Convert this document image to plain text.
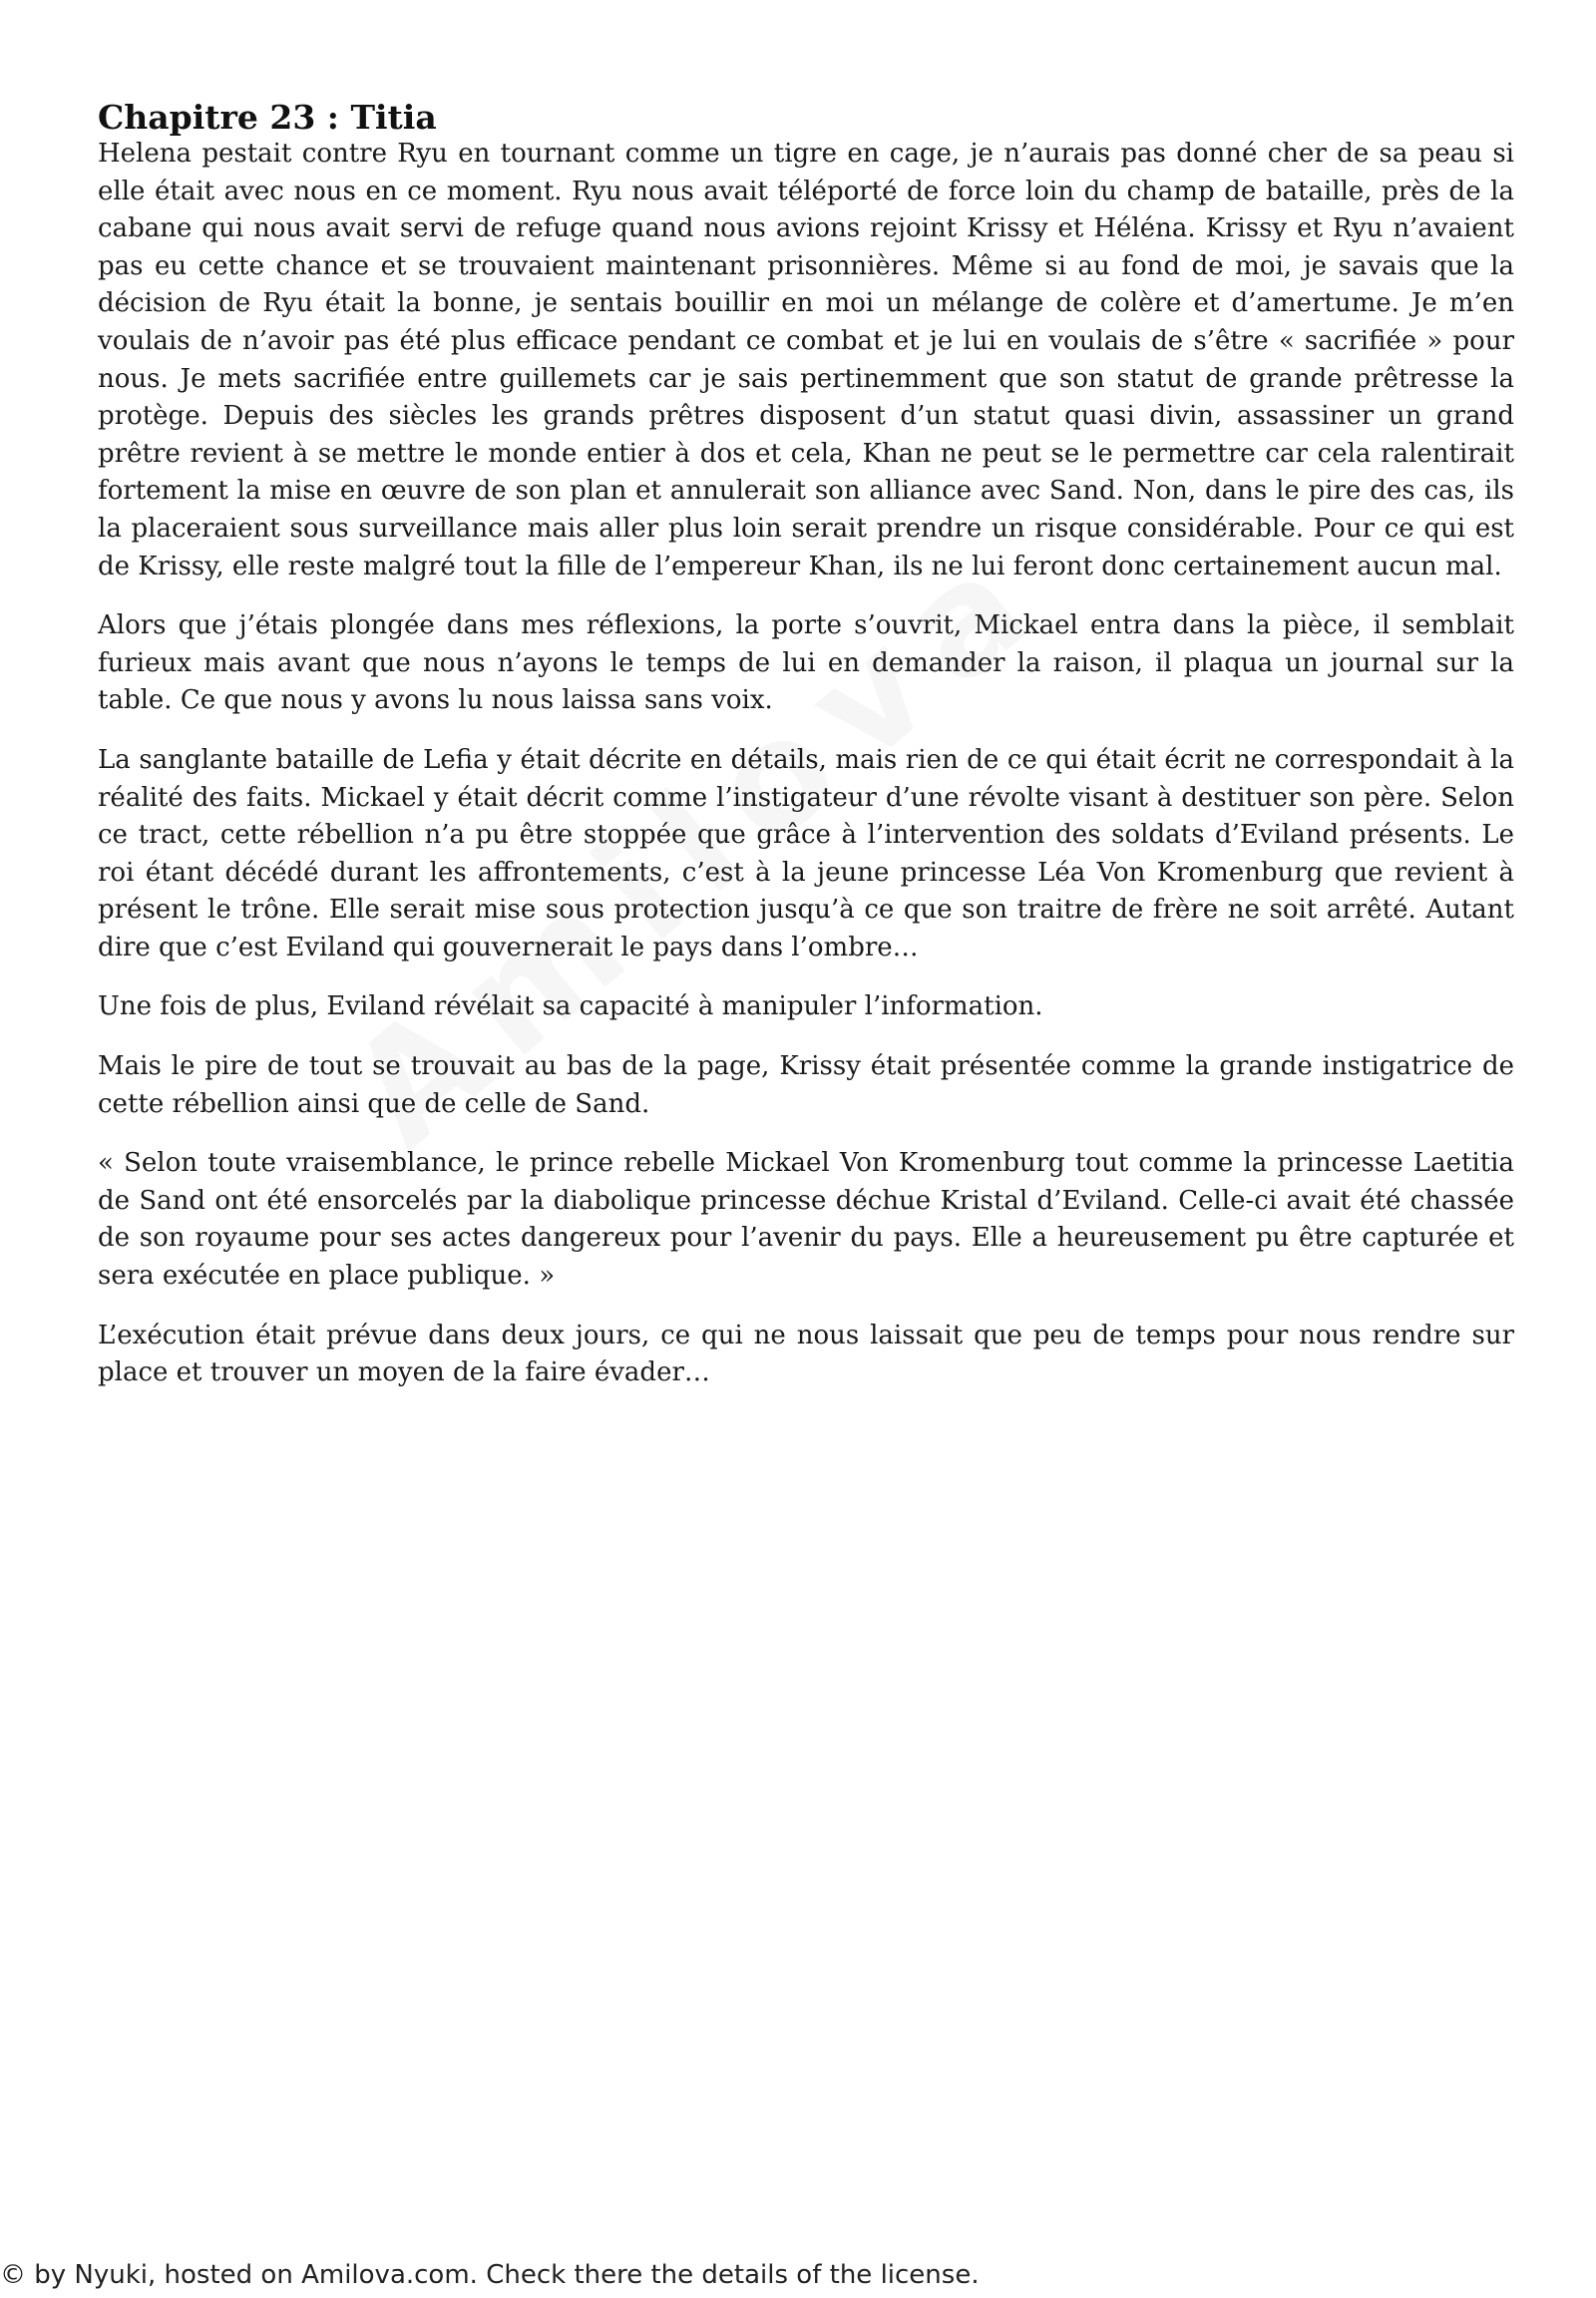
Chapitre 23 : Titia

Helena pestait contre Ryu en tournant comme un tigre en cage, je n’aurais pas donné cher de sa peau si elle était avec nous en ce moment. Ryu nous avait téléporté de force loin du champ de bataille, près de la cabane qui nous avait servi de refuge quand nous avions rejoint Krissy et Héléna. Krissy et Ryu n’avaient pas eu cette chance et se trouvaient maintenant prisonnières. Même si au fond de moi, je savais que la décision de Ryu était la bonne, je sentais bouillir en moi un mélange de colère et d’amertume. Je m’en voulais de n’avoir pas été plus efficace pendant ce combat et je lui en voulais de s’être « sacrifiée » pour nous. Je mets sacrifiée entre guillemets car je sais pertinemment que son statut de grande prêtresse la protège. Depuis des siècles les grands prêtres disposent d’un statut quasi divin, assassiner un grand prêtre revient à se mettre le monde entier à dos et cela, Khan ne peut se le permettre car cela ralentirait fortement la mise en œuvre de son plan et annulerait son alliance avec Sand. Non, dans le pire des cas, ils la placeraient sous surveillance mais aller plus loin serait prendre un risque considérable. Pour ce qui est de Krissy, elle reste malgré tout la fille de l’empereur Khan, ils ne lui feront donc certainement aucun mal.

Alors que j’étais plongée dans mes réflexions, la porte s’ouvrit, Mickael entra dans la pièce, il semblait furieux mais avant que nous n’ayons le temps de lui en demander la raison, il plaqua un journal sur la table. Ce que nous y avons lu nous laissa sans voix.

La sanglante bataille de Lefia y était décrite en détails, mais rien de ce qui était écrit ne correspondait à la réalité des faits. Mickael y était décrit comme l’instigateur d’une révolte visant à destituer son père. Selon ce tract, cette rébellion n’a pu être stoppée que grâce à l’intervention des soldats d’Eviland présents. Le roi étant décédé durant les affrontements, c’est à la jeune princesse Léa Von Kromenburg que revient à présent le trône. Elle serait mise sous protection jusqu’à ce que son traitre de frère ne soit arrêté. Autant dire que c’est Eviland qui gouvernerait le pays dans l’ombre…

Une fois de plus, Eviland révélait sa capacité à manipuler l’information.

Mais le pire de tout se trouvait au bas de la page, Krissy était présentée comme la grande instigatrice de cette rébellion ainsi que de celle de Sand.

« Selon toute vraisemblance, le prince rebelle Mickael Von Kromenburg tout comme la princesse Laetitia de Sand ont été ensorcelés par la diabolique princesse déchue Kristal d’Eviland. Celle-ci avait été chassée de son royaume pour ses actes dangereux pour l’avenir du pays. Elle a heureusement pu être capturée et sera exécutée en place publique. »

L’exécution était prévue dans deux jours, ce qui ne nous laissait que peu de temps pour nous rendre sur place et trouver un moyen de la faire évader…

© by Nyuki, hosted on Amilova.com. Check there the details of the license.
